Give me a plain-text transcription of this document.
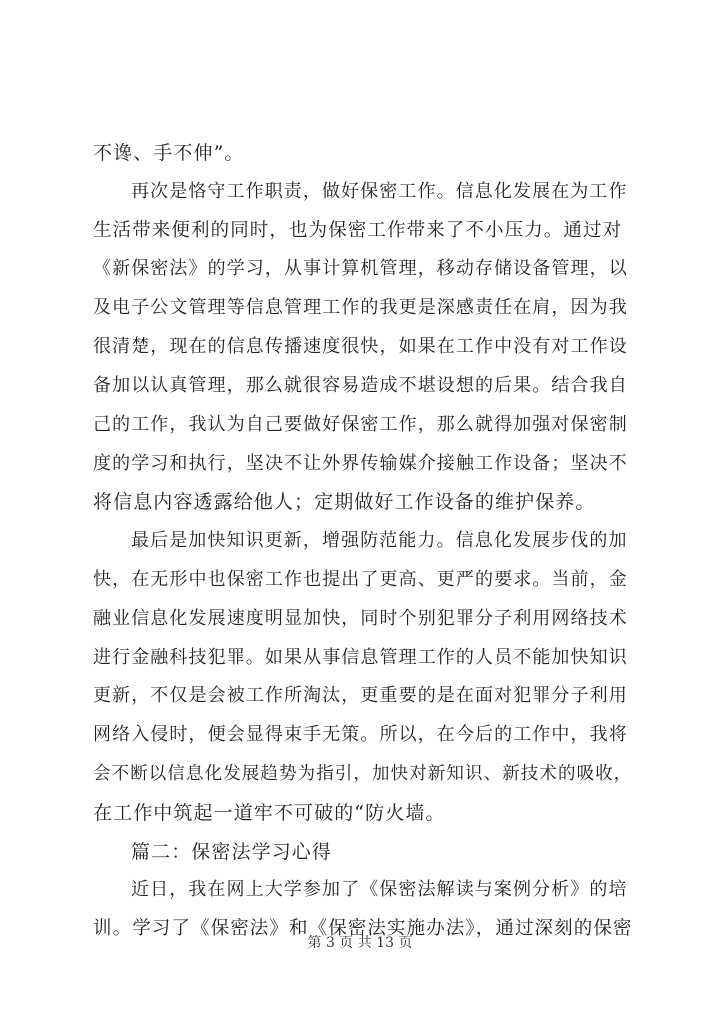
不谗、手不伸”。
再次是恪守工作职责，做好保密工作。信息化发展在为工作
生活带来便利的同时，也为保密工作带来了不小压力。通过对
《新保密法》的学习，从事计算机管理，移动存储设备管理，以
及电子公文管理等信息管理工作的我更是深感责任在肩，因为我
很清楚，现在的信息传播速度很快，如果在工作中没有对工作设
备加以认真管理，那么就很容易造成不堪设想的后果。结合我自
己的工作，我认为自己要做好保密工作，那么就得加强对保密制
度的学习和执行，坚决不让外界传输媒介接触工作设备；坚决不
将信息内容透露给他人；定期做好工作设备的维护保养。
最后是加快知识更新，增强防范能力。信息化发展步伐的加
快，在无形中也保密工作也提出了更高、更严的要求。当前，金
融业信息化发展速度明显加快，同时个别犯罪分子利用网络技术
进行金融科技犯罪。如果从事信息管理工作的人员不能加快知识
更新，不仅是会被工作所淘汰，更重要的是在面对犯罪分子利用
网络入侵时，便会显得束手无策。所以，在今后的工作中，我将
会不断以信息化发展趋势为指引，加快对新知识、新技术的吸收，
在工作中筑起一道牢不可破的“防火墙。
篇二：保密法学习心得
近日，我在网上大学参加了《保密法解读与案例分析》的培
训。学习了《保密法》和《保密法实施办法》，通过深刻的保密
第 3 页 共 13 页
